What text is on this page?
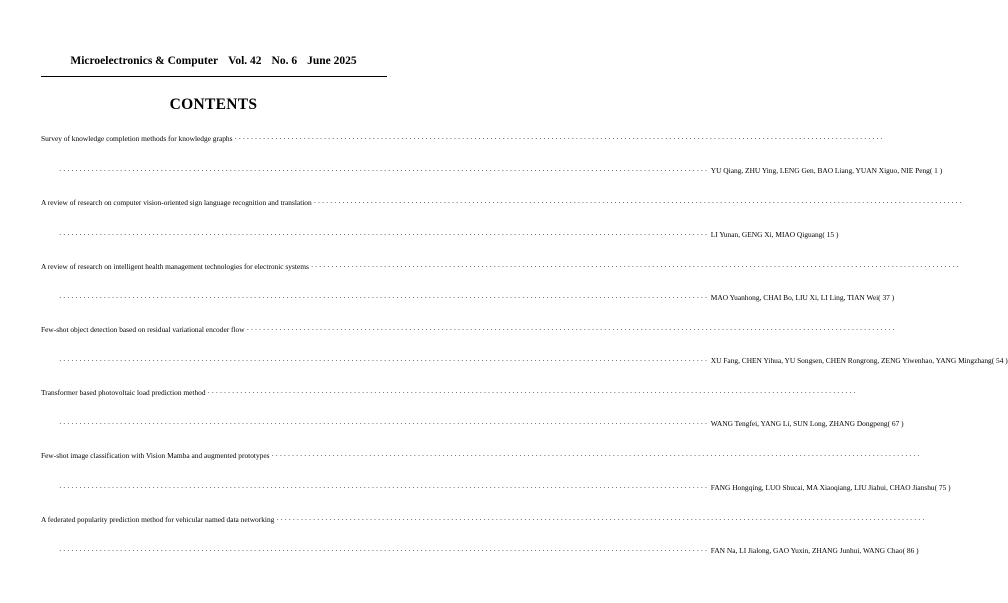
Microelectronics & Computer Vol. 42 No. 6 June 2025
CONTENTS
Survey of knowledge completion methods for knowledge graphs ································································································································································
································································································································································ YU Qiang, ZHU Ying, LENG Gen, BAO Liang, YUAN Xiguo, NIE Peng ( 1 )
A review of research on computer vision-oriented sign language recognition and translation ································································································································································
································································································································································ LI Yunan, GENG Xi, MIAO Qiguang ( 15 )
A review of research on intelligent health management technologies for electronic systems ································································································································································
································································································································································ MAO Yuanhong, CHAI Bo, LIU Xi, LI Ling, TIAN Wei ( 37 )
Few-shot object detection based on residual variational encoder flow ································································································································································
································································································································································ XU Fang, CHEN Yihua, YU Songsen, CHEN Rongrong, ZENG Yiwenhao, YANG Mingzhang ( 54 )
Transformer based photovoltaic load prediction method ································································································································································
································································································································································ WANG Tengfei, YANG Li, SUN Long, ZHANG Dongpeng ( 67 )
Few-shot image classification with Vision Mamba and augmented prototypes ································································································································································
································································································································································ FANG Hongqing, LUO Shucai, MA Xiaoqiang, LIU Jiahui, CHAO Jianshu ( 75 )
A federated popularity prediction method for vehicular named data networking ································································································································································
································································································································································ FAN Na, LI Jialong, GAO Yuxin, ZHANG Junhui, WANG Chao ( 86 )
